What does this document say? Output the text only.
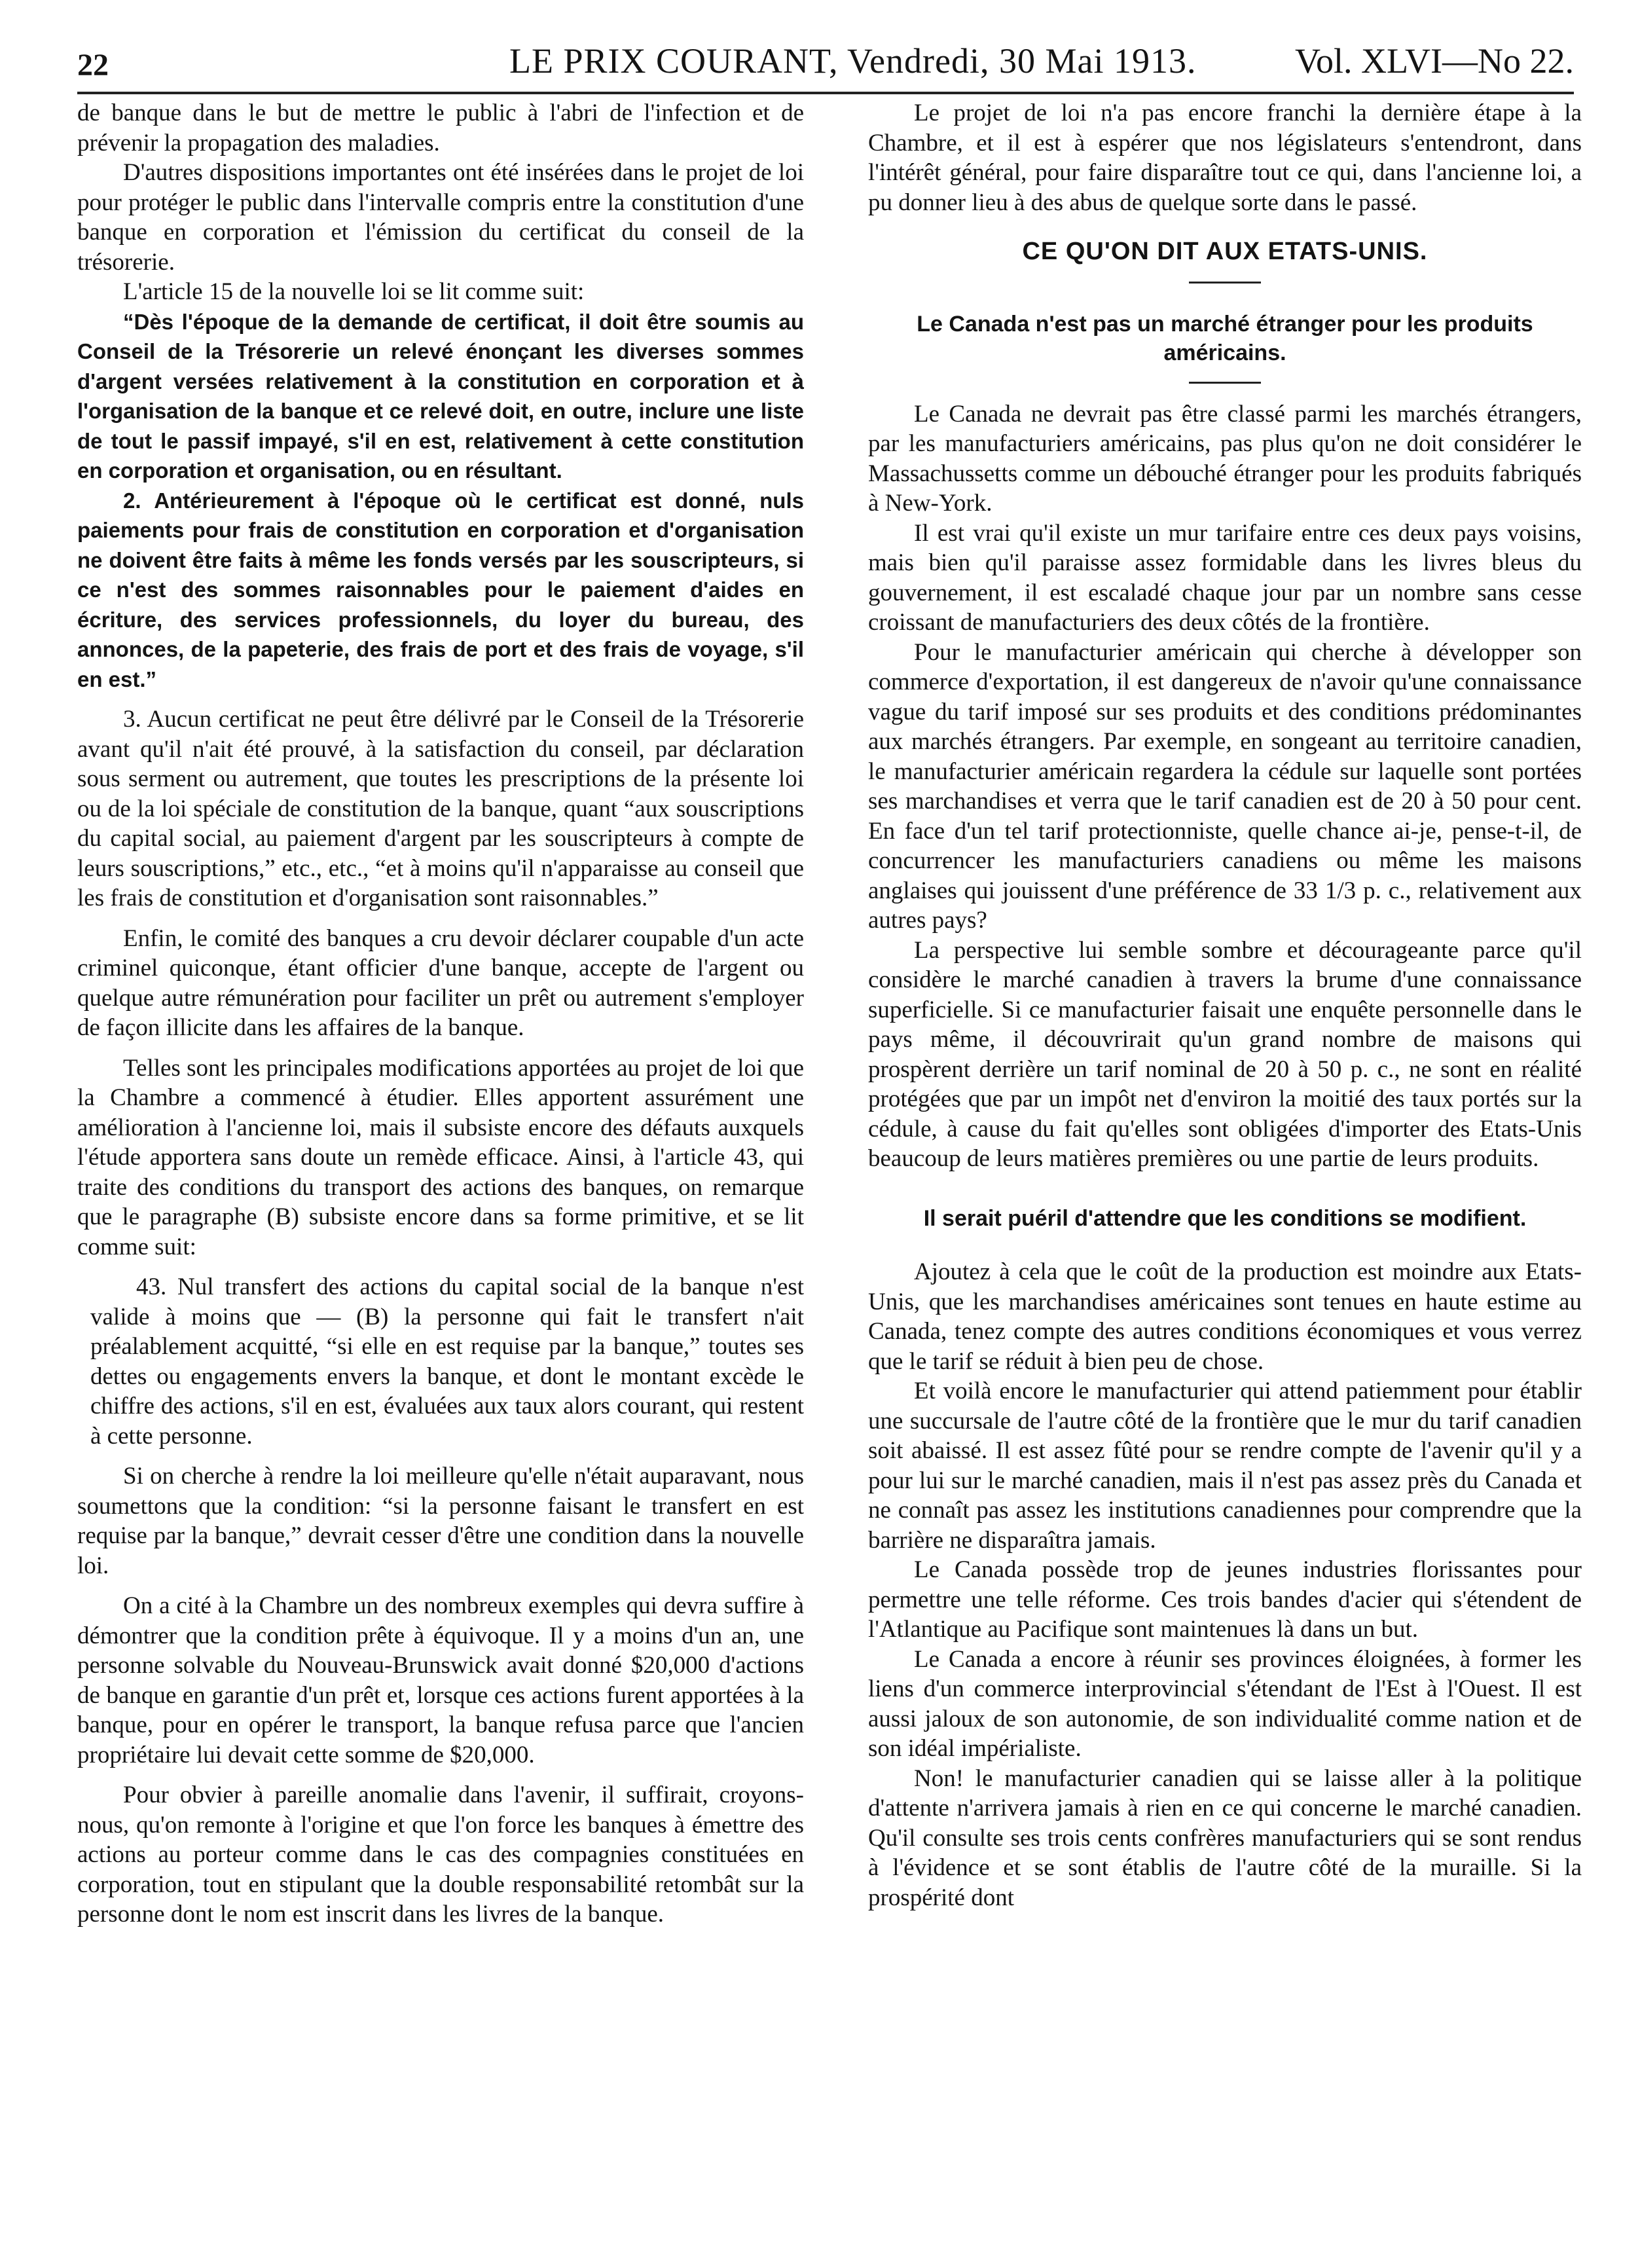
22	LE PRIX COURANT, Vendredi, 30 Mai 1913.	Vol. XLVI—No 22.

de banque dans le but de mettre le public à l'abri de l'infection et de prévenir la propagation des maladies.

D'autres dispositions importantes ont été insérées dans le projet de loi pour protéger le public dans l'intervalle compris entre la constitution d'une banque en corporation et l'émission du certificat du conseil de la trésorerie.

L'article 15 de la nouvelle loi se lit comme suit:

“Dès l'époque de la demande de certificat, il doit être soumis au Conseil de la Trésorerie un relevé énonçant les diverses sommes d'argent versées relativement à la constitution en corporation et à l'organisation de la banque et ce relevé doit, en outre, inclure une liste de tout le passif impayé, s'il en est, relativement à cette constitution en corporation et organisation, ou en résultant.

2. Antérieurement à l'époque où le certificat est donné, nuls paiements pour frais de constitution en corporation et d'organisation ne doivent être faits à même les fonds versés par les souscripteurs, si ce n'est des sommes raisonnables pour le paiement d'aides en écriture, des services professionnels, du loyer du bureau, des annonces, de la papeterie, des frais de port et des frais de voyage, s'il en est.”

3. Aucun certificat ne peut être délivré par le Conseil de la Trésorerie avant qu'il n'ait été prouvé, à la satisfaction du conseil, par déclaration sous serment ou autrement, que toutes les prescriptions de la présente loi ou de la loi spéciale de constitution de la banque, quant “aux souscriptions du capital social, au paiement d'argent par les souscripteurs à compte de leurs souscriptions,” etc., etc., “et à moins qu'il n'apparaisse au conseil que les frais de constitution et d'organisation sont raisonnables.”

Enfin, le comité des banques a cru devoir déclarer coupable d'un acte criminel quiconque, étant officier d'une banque, accepte de l'argent ou quelque autre rémunération pour faciliter un prêt ou autrement s'employer de façon illicite dans les affaires de la banque.

Telles sont les principales modifications apportées au projet de loi que la Chambre a commencé à étudier. Elles apportent assurément une amélioration à l'ancienne loi, mais il subsiste encore des défauts auxquels l'étude apportera sans doute un remède efficace. Ainsi, à l'article 43, qui traite des conditions du transport des actions des banques, on remarque que le paragraphe (B) subsiste encore dans sa forme primitive, et se lit comme suit:

43. Nul transfert des actions du capital social de la banque n'est valide à moins que — (B) la personne qui fait le transfert n'ait préalablement acquitté, “si elle en est requise par la banque,” toutes ses dettes ou engagements envers la banque, et dont le montant excède le chiffre des actions, s'il en est, évaluées aux taux alors courant, qui restent à cette personne.

Si on cherche à rendre la loi meilleure qu'elle n'était auparavant, nous soumettons que la condition: “si la personne faisant le transfert en est requise par la banque,” devrait cesser d'être une condition dans la nouvelle loi.

On a cité à la Chambre un des nombreux exemples qui devra suffire à démontrer que la condition prête à équivoque. Il y a moins d'un an, une personne solvable du Nouveau-Brunswick avait donné $20,000 d'actions de banque en garantie d'un prêt et, lorsque ces actions furent apportées à la banque, pour en opérer le transport, la banque refusa parce que l'ancien propriétaire lui devait cette somme de $20,000.

Pour obvier à pareille anomalie dans l'avenir, il suffirait, croyons-nous, qu'on remonte à l'origine et que l'on force les banques à émettre des actions au porteur comme dans le cas des compagnies constituées en corporation, tout en stipulant que la double responsabilité retombât sur la personne dont le nom est inscrit dans les livres de la banque.

Le projet de loi n'a pas encore franchi la dernière étape à la Chambre, et il est à espérer que nos législateurs s'entendront, dans l'intérêt général, pour faire disparaître tout ce qui, dans l'ancienne loi, a pu donner lieu à des abus de quelque sorte dans le passé.

CE QU'ON DIT AUX ETATS-UNIS.
Le Canada n'est pas un marché étranger pour les produits américains.

Le Canada ne devrait pas être classé parmi les marchés étrangers, par les manufacturiers américains, pas plus qu'on ne doit considérer le Massachussetts comme un débouché étranger pour les produits fabriqués à New-York.

Il est vrai qu'il existe un mur tarifaire entre ces deux pays voisins, mais bien qu'il paraisse assez formidable dans les livres bleus du gouvernement, il est escaladé chaque jour par un nombre sans cesse croissant de manufacturiers des deux côtés de la frontière.

Pour le manufacturier américain qui cherche à développer son commerce d'exportation, il est dangereux de n'avoir qu'une connaissance vague du tarif imposé sur ses produits et des conditions prédominantes aux marchés étrangers. Par exemple, en songeant au territoire canadien, le manufacturier américain regardera la cédule sur laquelle sont portées ses marchandises et verra que le tarif canadien est de 20 à 50 pour cent. En face d'un tel tarif protectionniste, quelle chance ai-je, pense-t-il, de concurrencer les manufacturiers canadiens ou même les maisons anglaises qui jouissent d'une préférence de 33 1/3 p. c., relativement aux autres pays?

La perspective lui semble sombre et décourageante parce qu'il considère le marché canadien à travers la brume d'une connaissance superficielle. Si ce manufacturier faisait une enquête personnelle dans le pays même, il découvrirait qu'un grand nombre de maisons qui prospèrent derrière un tarif nominal de 20 à 50 p. c., ne sont en réalité protégées que par un impôt net d'environ la moitié des taux portés sur la cédule, à cause du fait qu'elles sont obligées d'importer des Etats-Unis beaucoup de leurs matières premières ou une partie de leurs produits.

Il serait puéril d'attendre que les conditions se modifient.

Ajoutez à cela que le coût de la production est moindre aux Etats-Unis, que les marchandises américaines sont tenues en haute estime au Canada, tenez compte des autres conditions économiques et vous verrez que le tarif se réduit à bien peu de chose.

Et voilà encore le manufacturier qui attend patiemment pour établir une succursale de l'autre côté de la frontière que le mur du tarif canadien soit abaissé. Il est assez fûté pour se rendre compte de l'avenir qu'il y a pour lui sur le marché canadien, mais il n'est pas assez près du Canada et ne connaît pas assez les institutions canadiennes pour comprendre que la barrière ne disparaîtra jamais.

Le Canada possède trop de jeunes industries florissantes pour permettre une telle réforme. Ces trois bandes d'acier qui s'étendent de l'Atlantique au Pacifique sont maintenues là dans un but.

Le Canada a encore à réunir ses provinces éloignées, à former les liens d'un commerce interprovincial s'étendant de l'Est à l'Ouest. Il est aussi jaloux de son autonomie, de son individualité comme nation et de son idéal impérialiste.

Non! le manufacturier canadien qui se laisse aller à la politique d'attente n'arrivera jamais à rien en ce qui concerne le marché canadien. Qu'il consulte ses trois cents confrères manufacturiers qui se sont rendus à l'évidence et se sont établis de l'autre côté de la muraille. Si la prospérité dont
